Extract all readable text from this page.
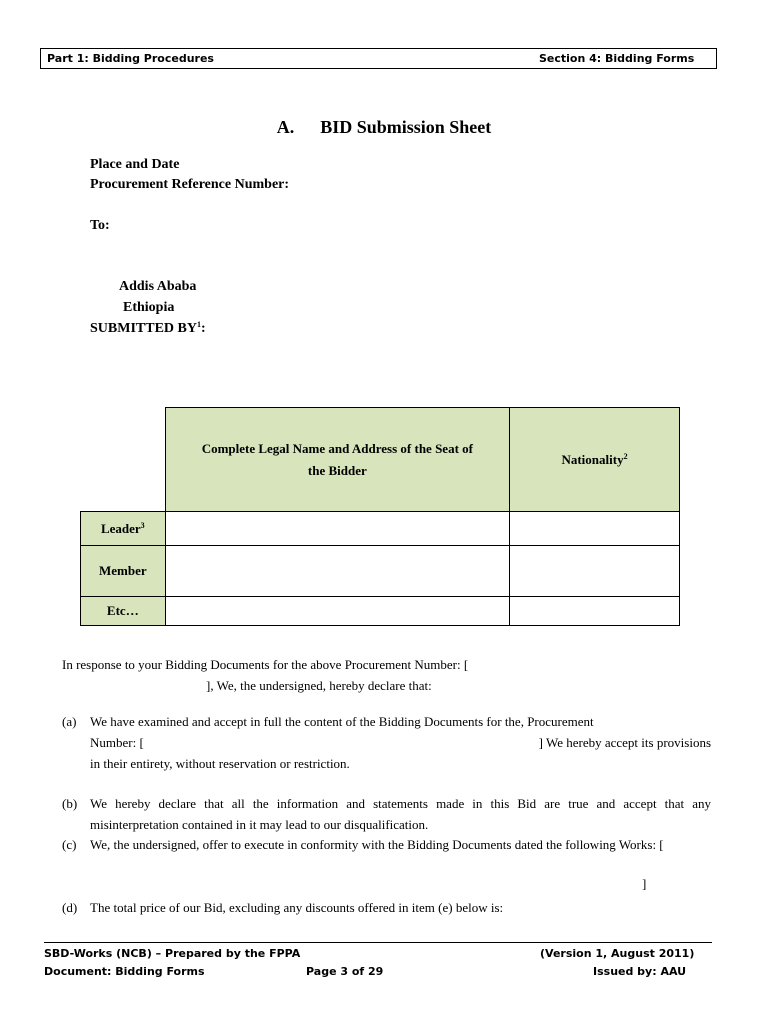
Part 1: Bidding Procedures	Section 4: Bidding Forms
A. BID Submission Sheet
Place and Date
Procurement Reference Number:
To:
Addis Ababa
Ethiopia
SUBMITTED $BY^1$:

	Complete Legal Name and Address of the Seat of the Bidder	Nationality$^2$
Leader$^3$		
Member		
Etc…		
In response to your Bidding Documents for the above Procurement Number: [
], We, the undersigned, hereby declare that:
(a) We have examined and accept in full the content of the Bidding Documents for the, Procurement
Number: [	] We hereby accept its provisions
in their entirety, without reservation or restriction.
(b) We hereby declare that all the information and statements made in this Bid are true and accept that any misinterpretation contained in it may lead to our disqualification.
(c) We, the undersigned, offer to execute in conformity with the Bidding Documents dated the following Works: [
]
(d) The total price of our Bid, excluding any discounts offered in item (e) below is:
SBD-Works (NCB) – Prepared by the FPPA
Document: Bidding Forms	Page 3 of 29
(Version 1, August 2011)
Issued by: AAU
